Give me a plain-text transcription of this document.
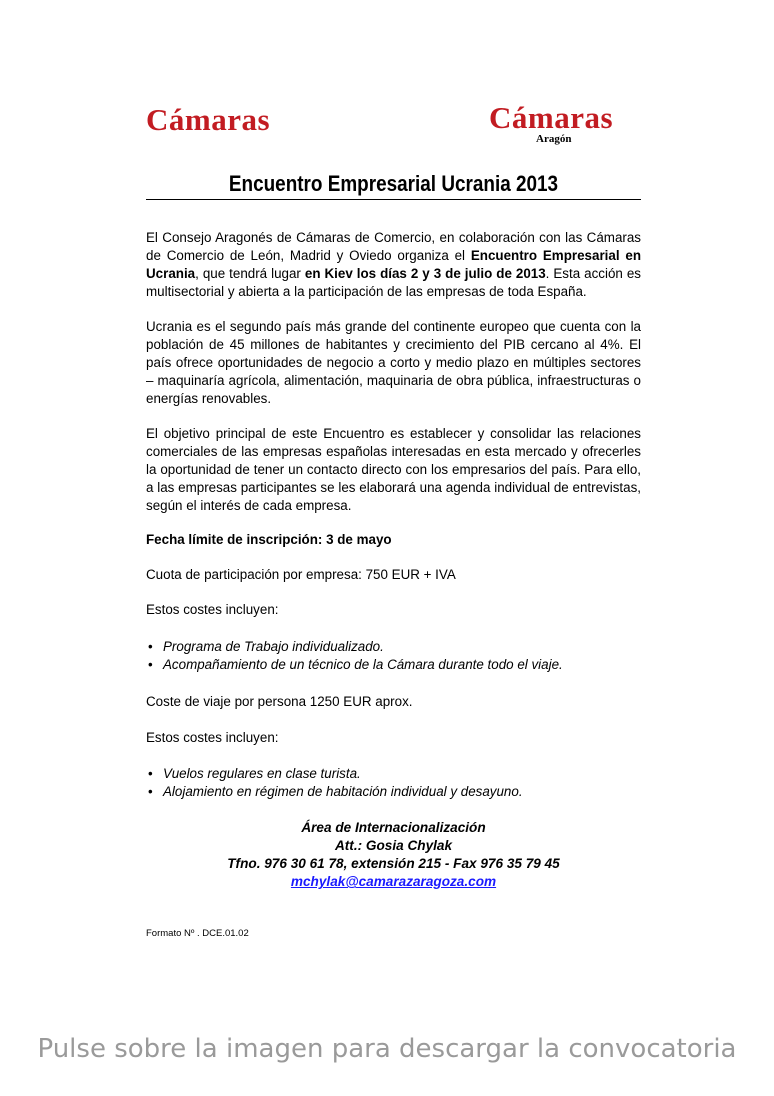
Cámaras	Cámaras
Aragón
Encuentro Empresarial Ucrania 2013

El Consejo Aragonés de Cámaras de Comercio, en colaboración con las Cámaras de Comercio de León, Madrid y Oviedo organiza el Encuentro Empresarial en Ucrania, que tendrá lugar en Kiev los días 2 y 3 de julio de 2013. Esta acción es multisectorial y abierta a la participación de las empresas de toda España.

Ucrania es el segundo país más grande del continente europeo que cuenta con la población de 45 millones de habitantes y crecimiento del PIB cercano al 4%. El país ofrece oportunidades de negocio a corto y medio plazo en múltiples sectores – maquinaría agrícola, alimentación, maquinaria de obra pública, infraestructuras o energías renovables.

El objetivo principal de este Encuentro es establecer y consolidar las relaciones comerciales de las empresas españolas interesadas en esta mercado y ofrecerles la oportunidad de tener un contacto directo con los empresarios del país. Para ello, a las empresas participantes se les elaborará una agenda individual de entrevistas, según el interés de cada empresa.

Fecha límite de inscripción: 3 de mayo

Cuota de participación por empresa: 750 EUR + IVA

Estos costes incluyen:

• Programa de Trabajo individualizado.
• Acompañamiento de un técnico de la Cámara durante todo el viaje.

Coste de viaje por persona 1250 EUR aprox.

Estos costes incluyen:

• Vuelos regulares en clase turista.
• Alojamiento en régimen de habitación individual y desayuno.
Área de Internacionalización
Att.: Gosia Chylak
Tfno. 976 30 61 78, extensión 215 - Fax 976 35 79 45
mchylak@camarazaragoza.com
Formato Nº . DCE.01.02
Pulse sobre la imagen para descargar la convocatoria
